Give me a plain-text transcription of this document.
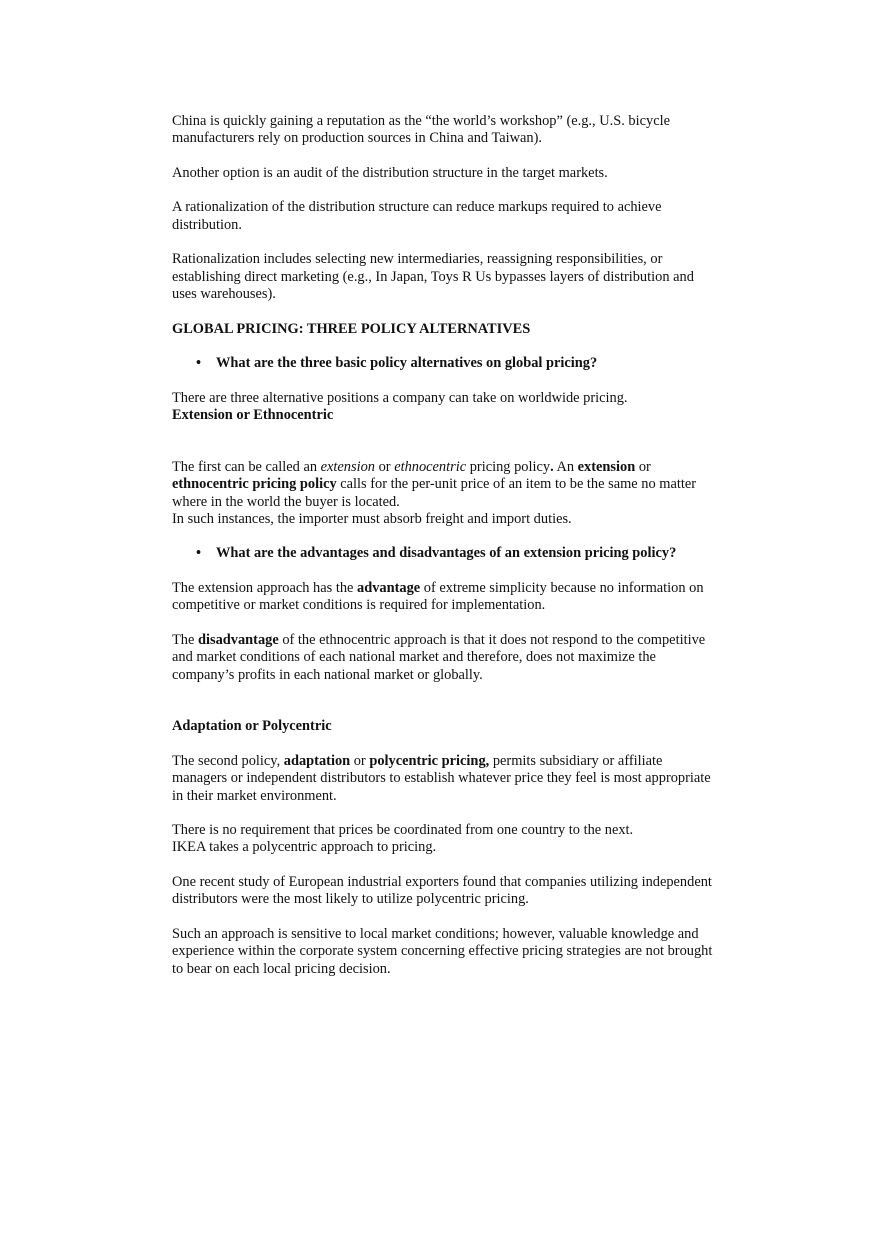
China is quickly gaining a reputation as the “the world’s workshop” (e.g., U.S. bicycle manufacturers rely on production sources in China and Taiwan).

Another option is an audit of the distribution structure in the target markets.

A rationalization of the distribution structure can reduce markups required to achieve distribution.

Rationalization includes selecting new intermediaries, reassigning responsibilities, or establishing direct marketing (e.g., In Japan, Toys R Us bypasses layers of distribution and uses warehouses).

GLOBAL PRICING: THREE POLICY ALTERNATIVES

• What are the three basic policy alternatives on global pricing?

There are three alternative positions a company can take on worldwide pricing.
Extension or Ethnocentric

The first can be called an extension or ethnocentric pricing policy. An extension or ethnocentric pricing policy calls for the per-unit price of an item to be the same no matter where in the world the buyer is located.
In such instances, the importer must absorb freight and import duties.

• What are the advantages and disadvantages of an extension pricing policy?

The extension approach has the advantage of extreme simplicity because no information on competitive or market conditions is required for implementation.

The disadvantage of the ethnocentric approach is that it does not respond to the competitive and market conditions of each national market and therefore, does not maximize the company’s profits in each national market or globally.

Adaptation or Polycentric

The second policy, adaptation or polycentric pricing, permits subsidiary or affiliate managers or independent distributors to establish whatever price they feel is most appropriate in their market environment.

There is no requirement that prices be coordinated from one country to the next.
IKEA takes a polycentric approach to pricing.

One recent study of European industrial exporters found that companies utilizing independent distributors were the most likely to utilize polycentric pricing.

Such an approach is sensitive to local market conditions; however, valuable knowledge and experience within the corporate system concerning effective pricing strategies are not brought to bear on each local pricing decision.
